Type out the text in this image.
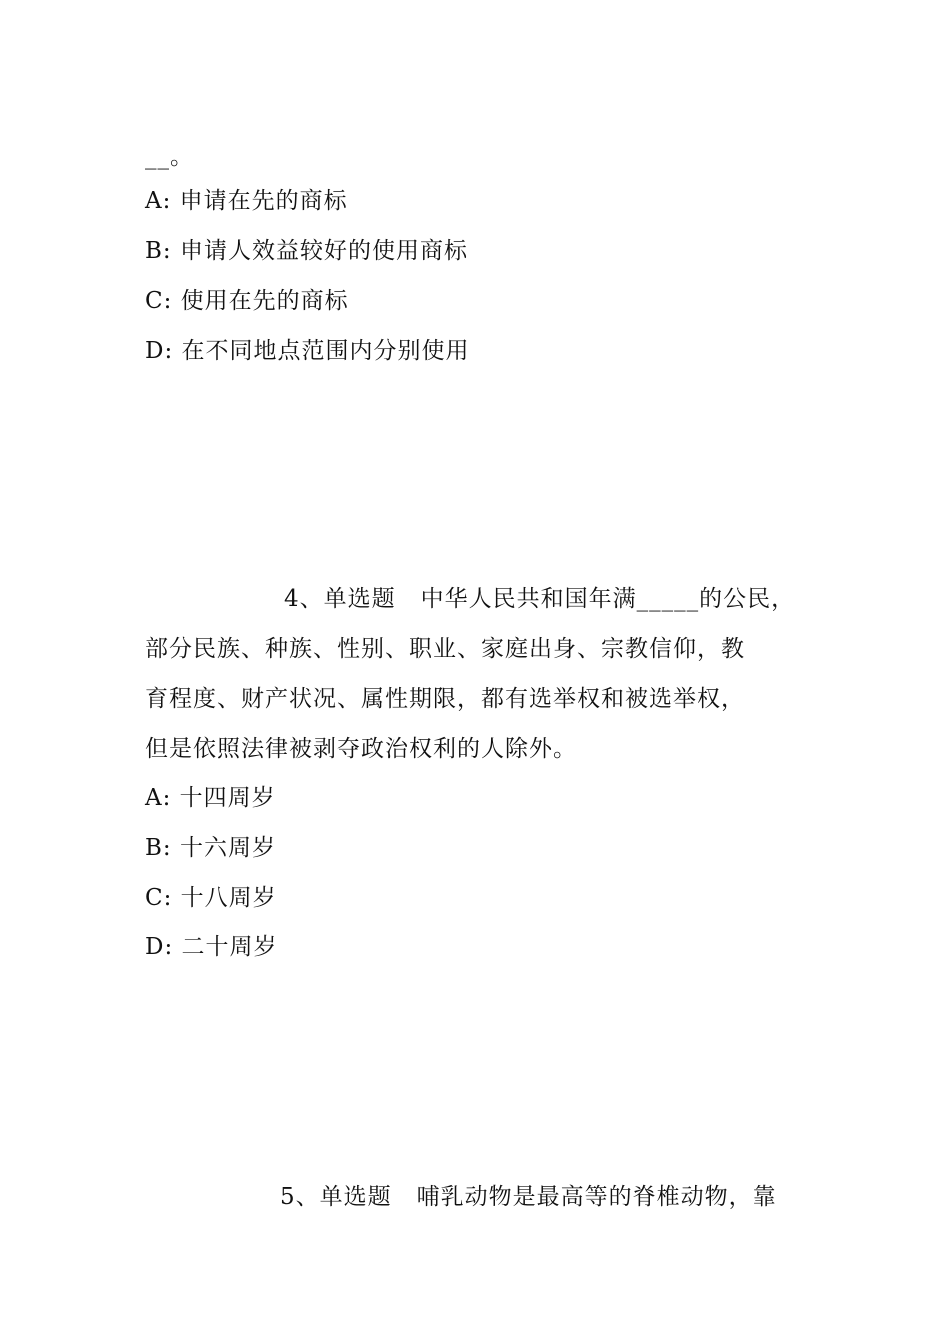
__。
A: 申请在先的商标
B: 申请人效益较好的使用商标
C: 使用在先的商标
D: 在不同地点范围内分别使用
4、单选题 中华人民共和国年满_____的公民，
部分民族、种族、性别、职业、家庭出身、宗教信仰，教
育程度、财产状况、属性期限，都有选举权和被选举权，
但是依照法律被剥夺政治权利的人除外。
A: 十四周岁
B: 十六周岁
C: 十八周岁
D: 二十周岁
5、单选题 哺乳动物是最高等的脊椎动物，靠
